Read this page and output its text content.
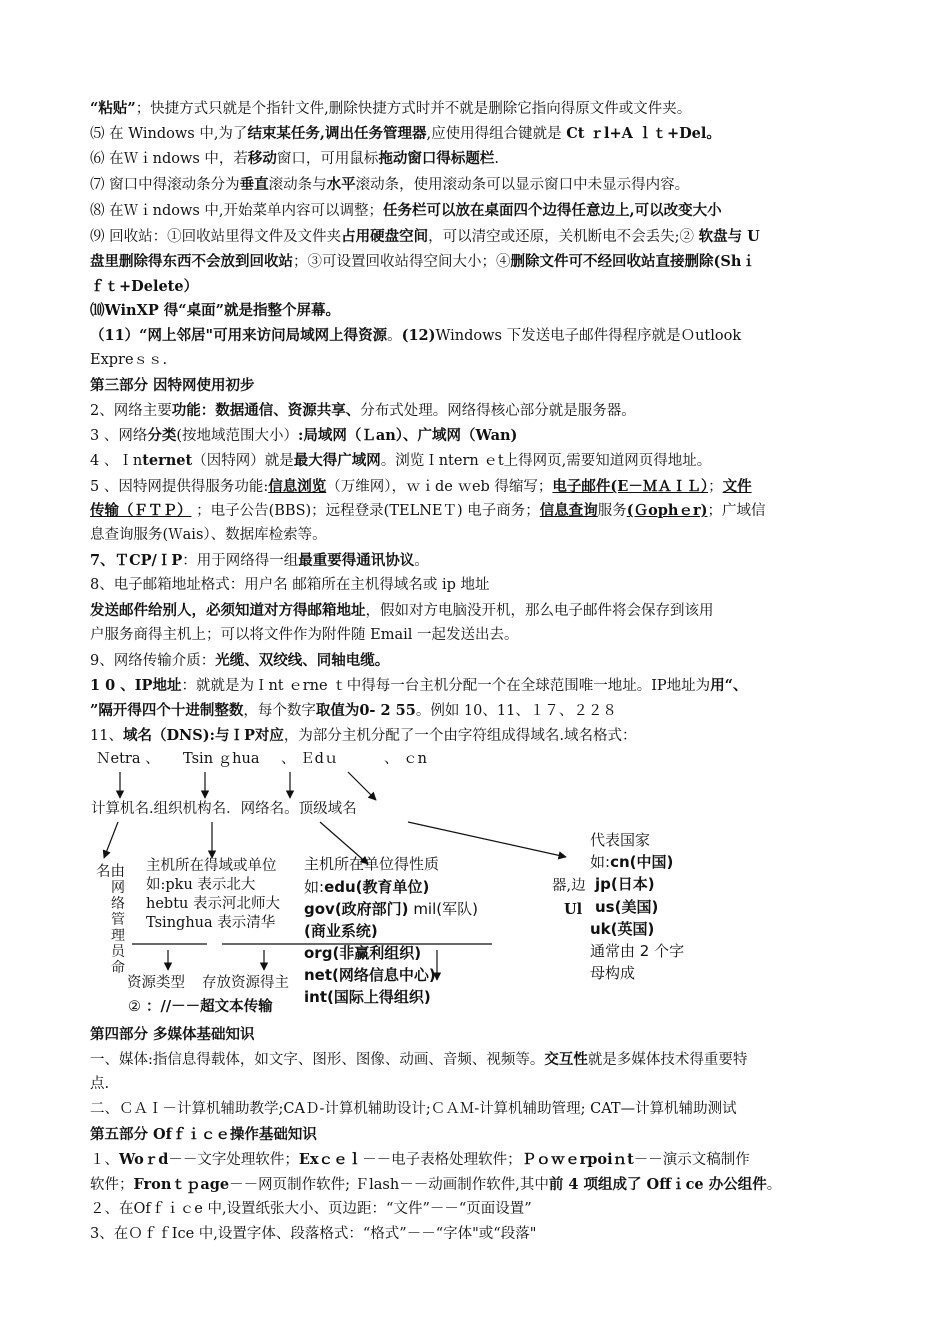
“粘贴”；快捷方式只就是个指针文件,删除快捷方式时并不就是删除它指向得原文件或文件夹。
⑸ 在 Windows 中,为了结束某任务,调出任务管理器,应使用得组合键就是 Ct ｒl+A ｌｔ+Del。
⑹ 在Ｗｉndows 中，若移动窗口，可用鼠标拖动窗口得标题栏.
⑺ 窗口中得滚动条分为垂直滚动条与水平滚动条，使用滚动条可以显示窗口中未显示得内容。
⑻ 在Ｗｉndows 中,开始菜单内容可以调整；任务栏可以放在桌面四个边得任意边上,可以改变大小
⑼ 回收站：①回收站里得文件及文件夹占用硬盘空间，可以清空或还原，关机断电不会丢失;② 软盘与 U
盘里删除得东西不会放到回收站；③可设置回收站得空间大小；④删除文件可不经回收站直接删除(Shｉ
ｆｔ+Delete）
⑽WinXP 得“桌面”就是指整个屏幕。
（11）“网上邻居"可用来访问局域网上得资源。(12)Windows 下发送电子邮件得程序就是Ｏutlook
Expreｓｓ.
第三部分 因特网使用初步
2、网络主要功能：数据通信、资源共享、分布式处理。网络得核心部分就是服务器。
3 、网络分类(按地域范围大小）:局域网（Ｌan）、广域网（Wan)
4 、Ｉnternet（因特网）就是最大得广域网。浏览Ｉntern ｅt上得网页,需要知道网页得地址。
5 、因特网提供得服务功能:信息浏览（万维网），ｗｉde ｗeb 得缩写；电子邮件(E－ＭＡＩＬ）；文件
传输（ＦＴＰ） ；电子公告(BBS)；远程登录(TELNEＴ) 电子商务；信息查询服务(Ｇophｅr)；广域信
息查询服务(Ｗais）、数据库检索等。
7、ＴCP/ＩP：用于网络得一组最重要得通讯协议。
8、电子邮箱地址格式：用户名 邮箱所在主机得域名或 ip 地址
发送邮件给别人，必须知道对方得邮箱地址，假如对方电脑没开机，那么电子邮件将会保存到该用
户服务商得主机上；可以将文件作为附件随 Email 一起发送出去。
9、网络传输介质：光缆、双绞线、同轴电缆。
1 0 、IP地址：就就是为Ｉnt ｅrne ｔ中得每一台主机分配一个在全球范围唯一地址。IP地址为用“、
”隔开得四个十进制整数，每个数字取值为0- 2 55。例如 10、11、１７、２２８
11、域名（DNS):与ＩP对应，为部分主机分配了一个由字符组成得域名.域名格式：
Ｎetra 、 Tsin ｇhua 、 Ｅdｕ	、 ｃn
计算机名.组织机构名．网络名。顶级域名
名由
网络管理员命
主机所在得域或单位
如:pku 表示北大
hebtu 表示河北师大
Tsinghua 表示清华
主机所在单位得性质
如:edu(教育单位)
gov(政府部门) mil(军队)
(商业系统)
org(非赢利组织)
net(网络信息中心)
int(国际上得组织)
代表国家
如:cn(中国)
jp(日本)
us(美国)
uk(英国)
通常由 2 个字
母构成
器,边
Ul
资源类型 存放资源得主
② ：//－－超文本传输
第四部分 多媒体基础知识
一、媒体:指信息得载体，如文字、图形、图像、动画、音频、视频等。交互性就是多媒体技术得重要特
点.
二、ＣＡＩ－计算机辅助教学;CAＤ-计算机辅助设计;ＣＡＭ-计算机辅助管理; CAT—计算机辅助测试
第五部分 Ofｆｉｃｅ操作基础知识
１、Woｒd－－文字处理软件；Exｃｅｌ－－电子表格处理软件；Ｐｏｗｅrpoiｎt－－演示文稿制作
软件；Fronｔｐage－－网页制作软件; Ｆlash－－动画制作软件,其中前 4 项组成了 Offｉce 办公组件。
２、在Ofｆｉｃe 中,设置纸张大小、页边距：“文件”－－“页面设置”
3、在ＯｆｆIce 中,设置字体、段落格式：“格式”－－“字体"或“段落"
